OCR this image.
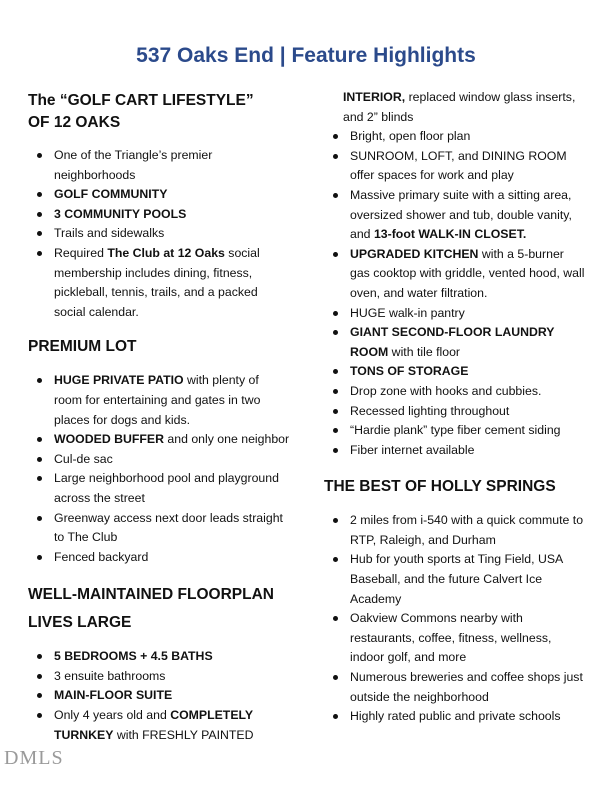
537 Oaks End | Feature Highlights
The “GOLF CART LIFESTYLE”
OF 12 OAKS
One of the Triangle’s premier neighborhoods
GOLF COMMUNITY
3 COMMUNITY POOLS
Trails and sidewalks
Required The Club at 12 Oaks social membership includes dining, fitness, pickleball, tennis, trails, and a packed social calendar.
PREMIUM LOT
HUGE PRIVATE PATIO with plenty of room for entertaining and gates in two places for dogs and kids.
WOODED BUFFER and only one neighbor
Cul-de sac
Large neighborhood pool and playground across the street
Greenway access next door leads straight to The Club
Fenced backyard
WELL-MAINTAINED FLOORPLAN
LIVES LARGE
5 BEDROOMS + 4.5 BATHS
3 ensuite bathrooms
MAIN-FLOOR SUITE
Only 4 years old and COMPLETELY TURNKEY with FRESHLY PAINTED
INTERIOR, replaced window glass inserts, and 2” blinds
Bright, open floor plan
SUNROOM, LOFT, and DINING ROOM offer spaces for work and play
Massive primary suite with a sitting area, oversized shower and tub, double vanity, and 13-foot WALK-IN CLOSET.
UPGRADED KITCHEN with a 5-burner gas cooktop with griddle, vented hood, wall oven, and water filtration.
HUGE walk-in pantry
GIANT SECOND-FLOOR LAUNDRY ROOM with tile floor
TONS OF STORAGE
Drop zone with hooks and cubbies.
Recessed lighting throughout
“Hardie plank” type fiber cement siding
Fiber internet available
THE BEST OF HOLLY SPRINGS
2 miles from i-540 with a quick commute to RTP, Raleigh, and Durham
Hub for youth sports at Ting Field, USA Baseball, and the future Calvert Ice Academy
Oakview Commons nearby with restaurants, coffee, fitness, wellness, indoor golf, and more
Numerous breweries and coffee shops just outside the neighborhood
Highly rated public and private schools
DMLS
